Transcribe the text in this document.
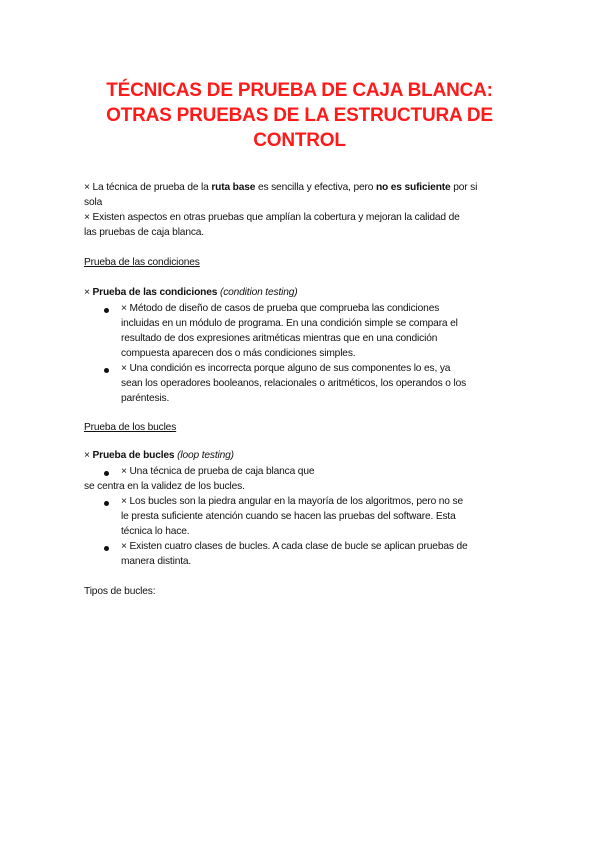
TÉCNICAS DE PRUEBA DE CAJA BLANCA:
OTRAS PRUEBAS DE LA ESTRUCTURA DE
CONTROL
× La técnica de prueba de la ruta base es sencilla y efectiva, pero no es suficiente por si
sola
× Existen aspectos en otras pruebas que amplían la cobertura y mejoran la calidad de
las pruebas de caja blanca.
Prueba de las condiciones
× Prueba de las condiciones (condition testing)
× Método de diseño de casos de prueba que comprueba las condiciones
incluidas en un módulo de programa. En una condición simple se compara el
resultado de dos expresiones aritméticas mientras que en una condición
compuesta aparecen dos o más condiciones simples.
× Una condición es incorrecta porque alguno de sus componentes lo es, ya
sean los operadores booleanos, relacionales o aritméticos, los operandos o los
paréntesis.
Prueba de los bucles
× Prueba de bucles (loop testing)
× Una técnica de prueba de caja blanca que
se centra en la validez de los bucles.
× Los bucles son la piedra angular en la mayoría de los algoritmos, pero no se
le presta suficiente atención cuando se hacen las pruebas del software. Esta
técnica lo hace.
× Existen cuatro clases de bucles. A cada clase de bucle se aplican pruebas de
manera distinta.
Tipos de bucles:
